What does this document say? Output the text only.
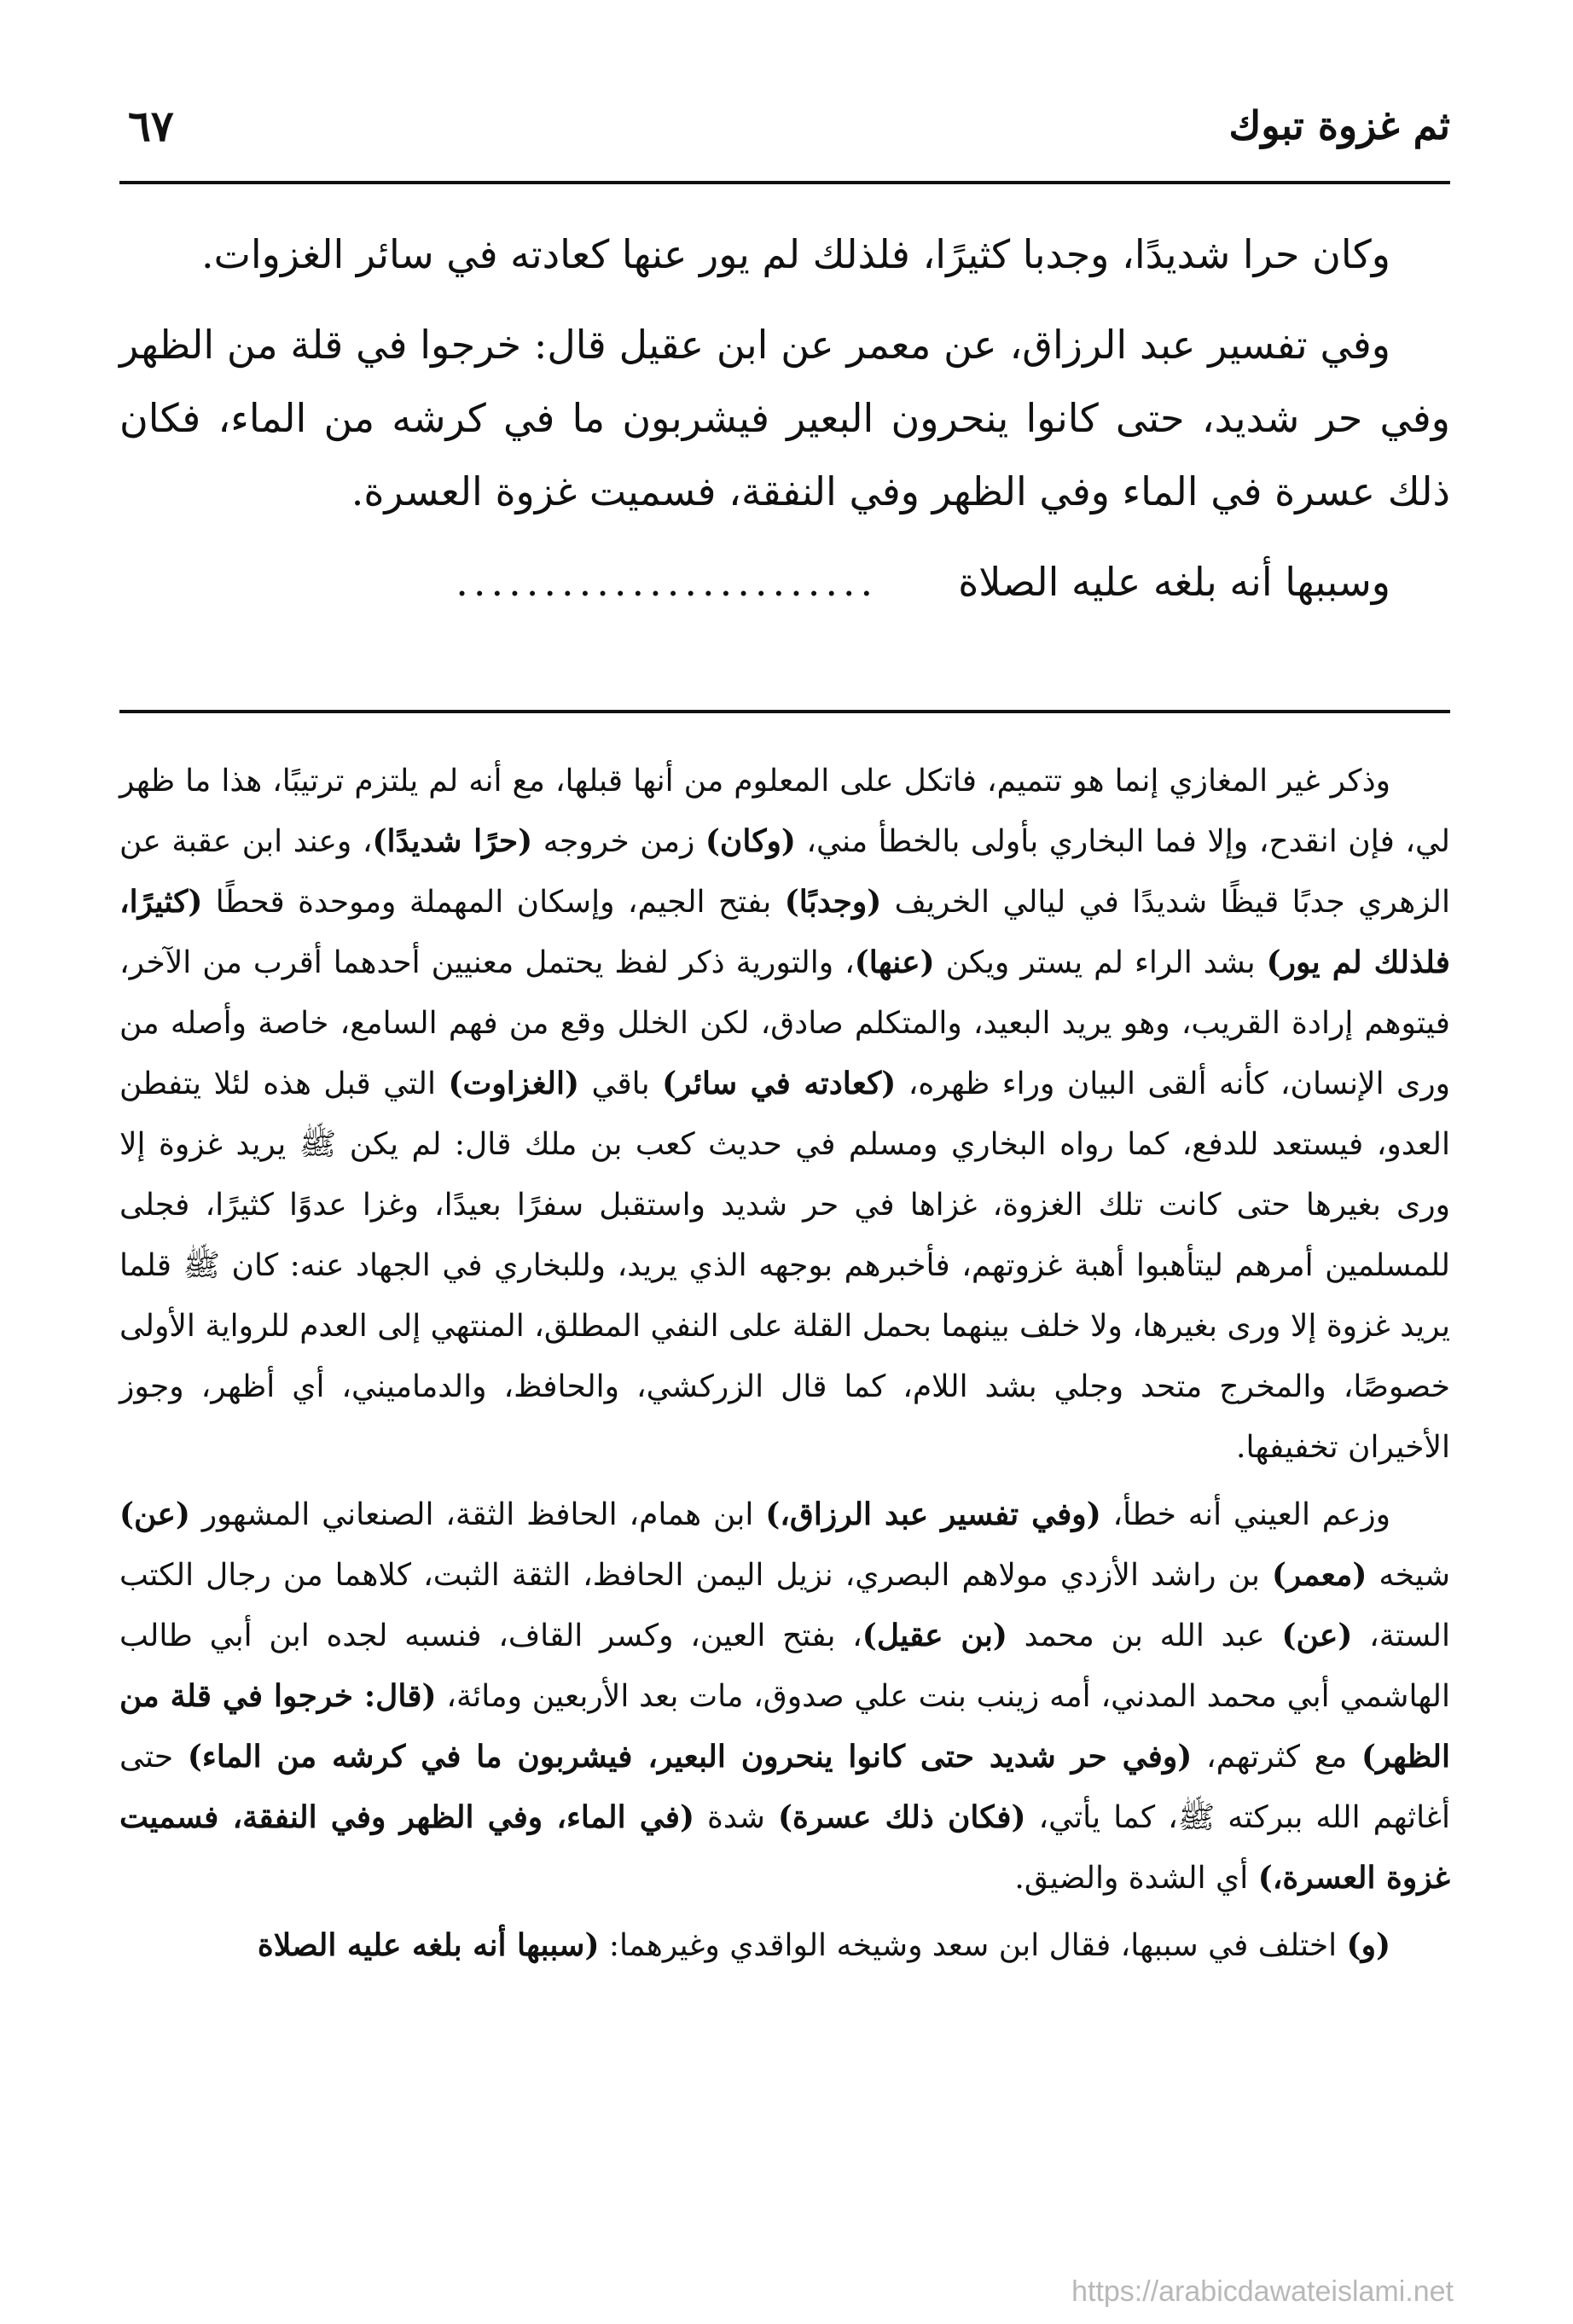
ثم غزوة تبوك
٦٧

وكان حرا شديدًا، وجدبا كثيرًا، فلذلك لم يور عنها كعادته في سائر الغزوات.

وفي تفسير عبد الرزاق، عن معمر عن ابن عقيل قال: خرجوا في قلة من الظهر وفي حر شديد، حتى كانوا ينحرون البعير فيشربون ما في كرشه من الماء، فكان ذلك عسرة في الماء وفي الظهر وفي النفقة، فسميت غزوة العسرة.

وسببها أنه بلغه عليه الصلاة........................

وذكر غير المغازي إنما هو تتميم، فاتكل على المعلوم من أنها قبلها، مع أنه لم يلتزم ترتيبًا، هذا ما ظهر لي، فإن انقدح، وإلا فما البخاري بأولى بالخطأ مني، (وكان) زمن خروجه (حرًا شديدًا)، وعند ابن عقبة عن الزهري جدبًا قيظًا شديدًا في ليالي الخريف (وجدبًا) بفتح الجيم، وإسكان المهملة وموحدة قحطًا (كثيرًا، فلذلك لم يور) بشد الراء لم يستر ويكن (عنها)، والتورية ذكر لفظ يحتمل معنيين أحدهما أقرب من الآخر، فيتوهم إرادة القريب، وهو يريد البعيد، والمتكلم صادق، لكن الخلل وقع من فهم السامع، خاصة وأصله من ورى الإنسان، كأنه ألقى البيان وراء ظهره، (كعادته في سائر) باقي (الغزاوت) التي قبل هذه لئلا يتفطن العدو، فيستعد للدفع، كما رواه البخاري ومسلم في حديث كعب بن ملك قال: لم يكن ﷺ يريد غزوة إلا ورى بغيرها حتى كانت تلك الغزوة، غزاها في حر شديد واستقبل سفرًا بعيدًا، وغزا عدوًا كثيرًا، فجلى للمسلمين أمرهم ليتأهبوا أهبة غزوتهم، فأخبرهم بوجهه الذي يريد، وللبخاري في الجهاد عنه: كان ﷺ قلما يريد غزوة إلا ورى بغيرها، ولا خلف بينهما بحمل القلة على النفي المطلق، المنتهي إلى العدم للرواية الأولى خصوصًا، والمخرج متحد وجلي بشد اللام، كما قال الزركشي، والحافظ، والدماميني، أي أظهر، وجوز الأخيران تخفيفها.

وزعم العيني أنه خطأ، (وفي تفسير عبد الرزاق،) ابن همام، الحافظ الثقة، الصنعاني المشهور (عن) شيخه (معمر) بن راشد الأزدي مولاهم البصري، نزيل اليمن الحافظ، الثقة الثبت، كلاهما من رجال الكتب الستة، (عن) عبد الله بن محمد (بن عقيل)، بفتح العين، وكسر القاف، فنسبه لجده ابن أبي طالب الهاشمي أبي محمد المدني، أمه زينب بنت علي صدوق، مات بعد الأربعين ومائة، (قال: خرجوا في قلة من الظهر) مع كثرتهم، (وفي حر شديد حتى كانوا ينحرون البعير، فيشربون ما في كرشه من الماء) حتى أغاثهم الله ببركته ﷺ، كما يأتي، (فكان ذلك عسرة) شدة (في الماء، وفي الظهر وفي النفقة، فسميت غزوة العسرة،) أي الشدة والضيق.

(و) اختلف في سببها، فقال ابن سعد وشيخه الواقدي وغيرهما: (سببها أنه بلغه عليه الصلاة

https://arabicdawateislami.net
